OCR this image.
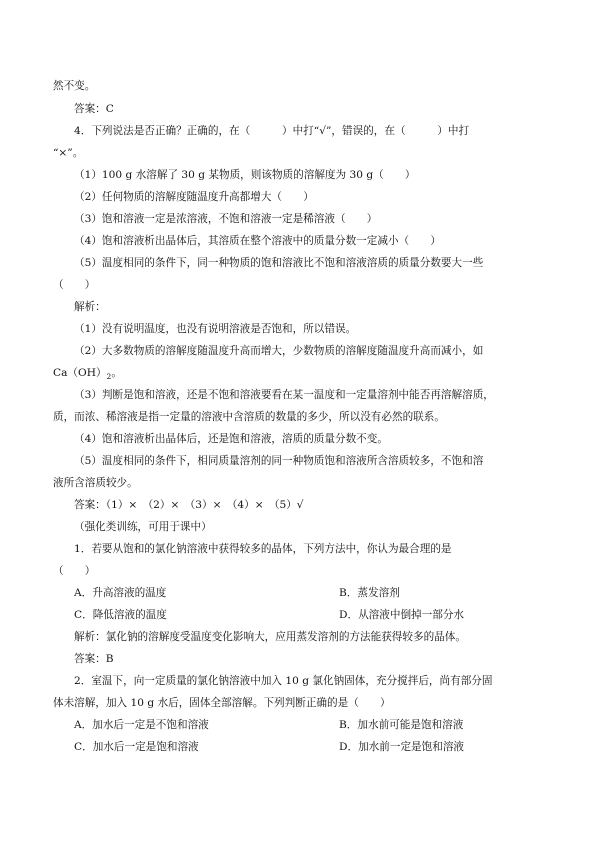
然不变。
答案：C
4．下列说法是否正确？正确的，在（　　　）中打“√”，错误的，在（　　　）中打
“×”。
（1）100 g 水溶解了 30 g 某物质，则该物质的溶解度为 30 g（　　）
（2）任何物质的溶解度随温度升高都增大（　　）
（3）饱和溶液一定是浓溶液，不饱和溶液一定是稀溶液（　　）
（4）饱和溶液析出晶体后，其溶质在整个溶液中的质量分数一定减小（　　）
（5）温度相同的条件下，同一种物质的饱和溶液比不饱和溶液溶质的质量分数要大一些
（　　）
解析：
（1）没有说明温度，也没有说明溶液是否饱和，所以错误。
（2）大多数物质的溶解度随温度升高而增大，少数物质的溶解度随温度升高而减小，如
$Ca(OH)_2$。
（3）判断是饱和溶液，还是不饱和溶液要看在某一温度和一定量溶剂中能否再溶解溶质，
质，而浓、稀溶液是指一定量的溶液中含溶质的数量的多少，所以没有必然的联系。
（4）饱和溶液析出晶体后，还是饱和溶液，溶质的质量分数不变。
（5）温度相同的条件下，相同质量溶剂的同一种物质饱和溶液所含溶质较多，不饱和溶
液所含溶质较少。
答案：（1）×　（2）×　（3）×　（4）×　（5）√
（强化类训练，可用于课中）
1．若要从饱和的氯化钠溶液中获得较多的晶体，下列方法中，你认为最合理的是
（　　）
A．升高溶液的温度	B．蒸发溶剂
C．降低溶液的温度	D．从溶液中倒掉一部分水
解析：氯化钠的溶解度受温度变化影响大，应用蒸发溶剂的方法能获得较多的晶体。
答案：B
2．室温下，向一定质量的氯化钠溶液中加入 10 g 氯化钠固体，充分搅拌后，尚有部分固
体未溶解，加入 10 g 水后，固体全部溶解。下列判断正确的是（　　）
A．加水后一定是不饱和溶液	B．加水前可能是饱和溶液
C．加水后一定是饱和溶液	D．加水前一定是饱和溶液
